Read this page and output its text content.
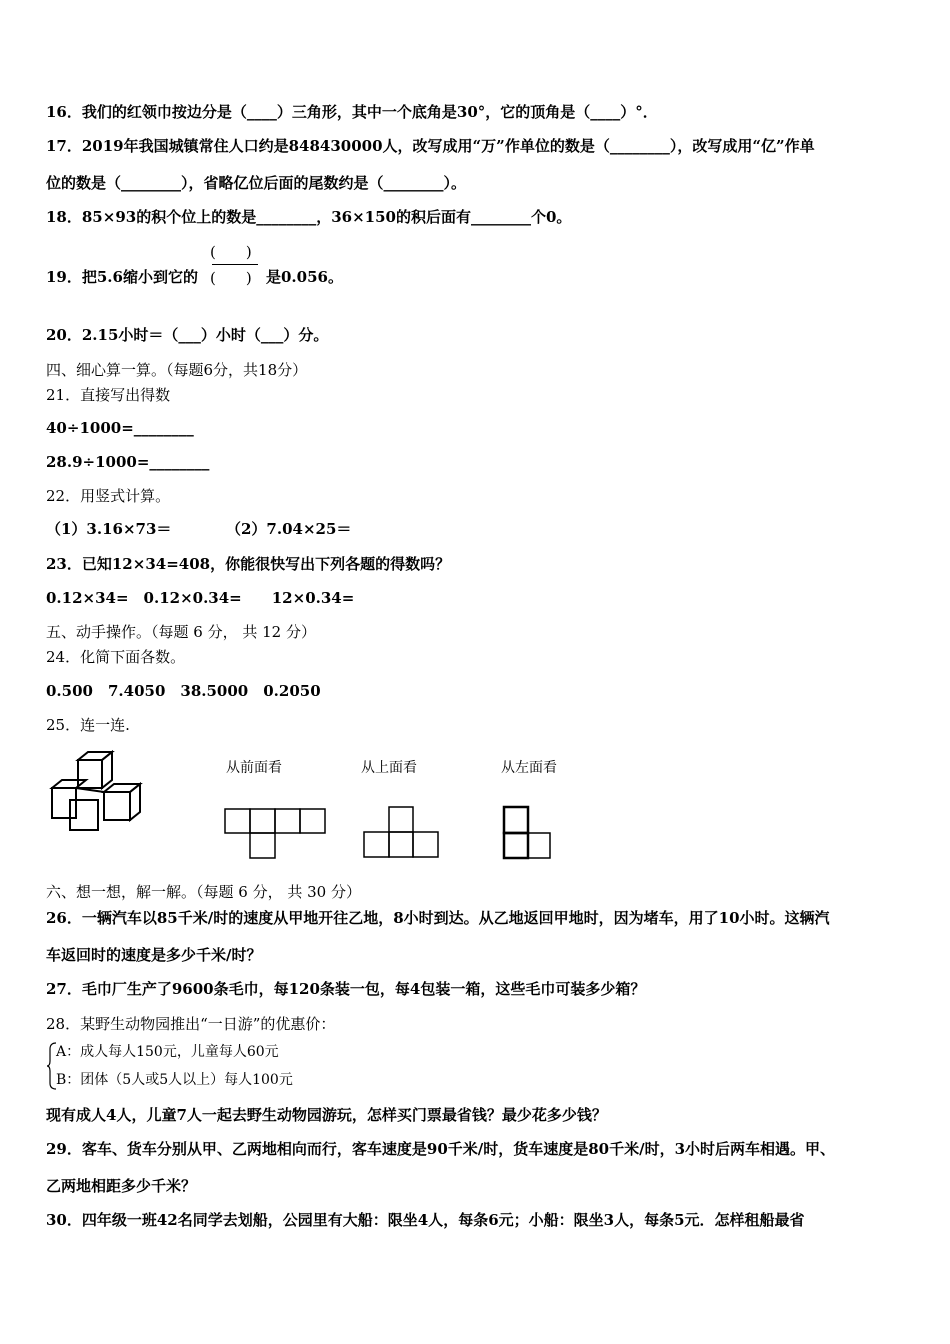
16．我们的红领巾按边分是（____）三角形，其中一个底角是30°，它的顶角是（____）°．
17．2019年我国城镇常住人口约是848430000人，改写成用“万”作单位的数是（________），改写成用“亿”作单
位的数是（________），省略亿位后面的尾数约是（________）。
18．85×93的积个位上的数是________，36×150的积后面有________个0。
19．把5.6缩小到它的
(　　)
(　　) 是0.056。
20．2.15小时＝（___）小时（___）分。
四、细心算一算。（每题6分，共18分）
21．直接写出得数
40÷1000=________
28.9÷1000=________
22．用竖式计算。
（1）3.16×73＝	（2）7.04×25＝
23．已知12×34=408，你能很快写出下列各题的得数吗？
0.12×34=　0.12×0.34=　　12×0.34=
五、动手操作。（每题 6 分， 共 12 分）
24．化简下面各数。
0.500　7.4050　38.5000　0.2050
25．连一连.
从前面看	从上面看	从左面看
六、想一想，解一解。（每题 6 分， 共 30 分）
26．一辆汽车以85千米/时的速度从甲地开往乙地，8小时到达。从乙地返回甲地时，因为堵车，用了10小时。这辆汽
车返回时的速度是多少千米/时？
27．毛巾厂生产了9600条毛巾，每120条装一包，每4包装一箱，这些毛巾可装多少箱？
28．某野生动物园推出“一日游”的优惠价：
A：成人每人150元，儿童每人60元
B：团体（5人或5人以上）每人100元
现有成人4人，儿童7人一起去野生动物园游玩，怎样买门票最省钱？最少花多少钱？
29．客车、货车分别从甲、乙两地相向而行，客车速度是90千米/时，货车速度是80千米/时，3小时后两车相遇。甲、
乙两地相距多少千米？
30．四年级一班42名同学去划船，公园里有大船：限坐4人，每条6元；小船：限坐3人，每条5元．怎样租船最省
